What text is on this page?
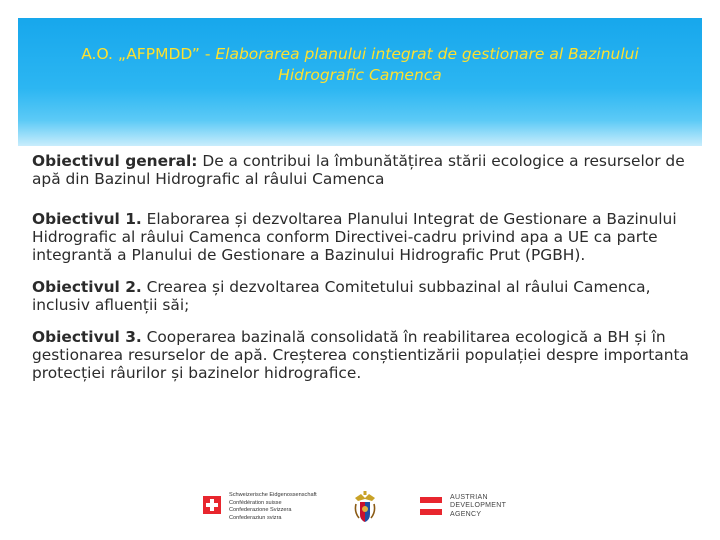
A.O. „AFPMDD” - Elaborarea planului integrat de gestionare al Bazinului Hidrografic Camenca

Obiectivul general: De a contribui la îmbunătățirea stării ecologice a resurselor de apă din Bazinul Hidrografic al râului Camenca

Obiectivul 1. Elaborarea și dezvoltarea Planului Integrat de Gestionare a Bazinului Hidrografic al râului Camenca conform Directivei-cadru privind apa a UE ca parte integrantă a Planului de Gestionare a Bazinului Hidrografic Prut (PGBH).

Obiectivul 2. Crearea și dezvoltarea Comitetului subbazinal al râului Camenca, inclusiv afluenții săi;

Obiectivul 3. Cooperarea bazinală consolidată în reabilitarea ecologică a BH și în gestionarea resurselor de apă. Creșterea conștientizării populației despre importanta protecției râurilor și bazinelor hidrografice.

Schweizerische Eidgenossenschaft
Confédération suisse
Confederazione Svizzera
Confederaziun svizra
AUSTRIAN
DEVELOPMENT
AGENCY
